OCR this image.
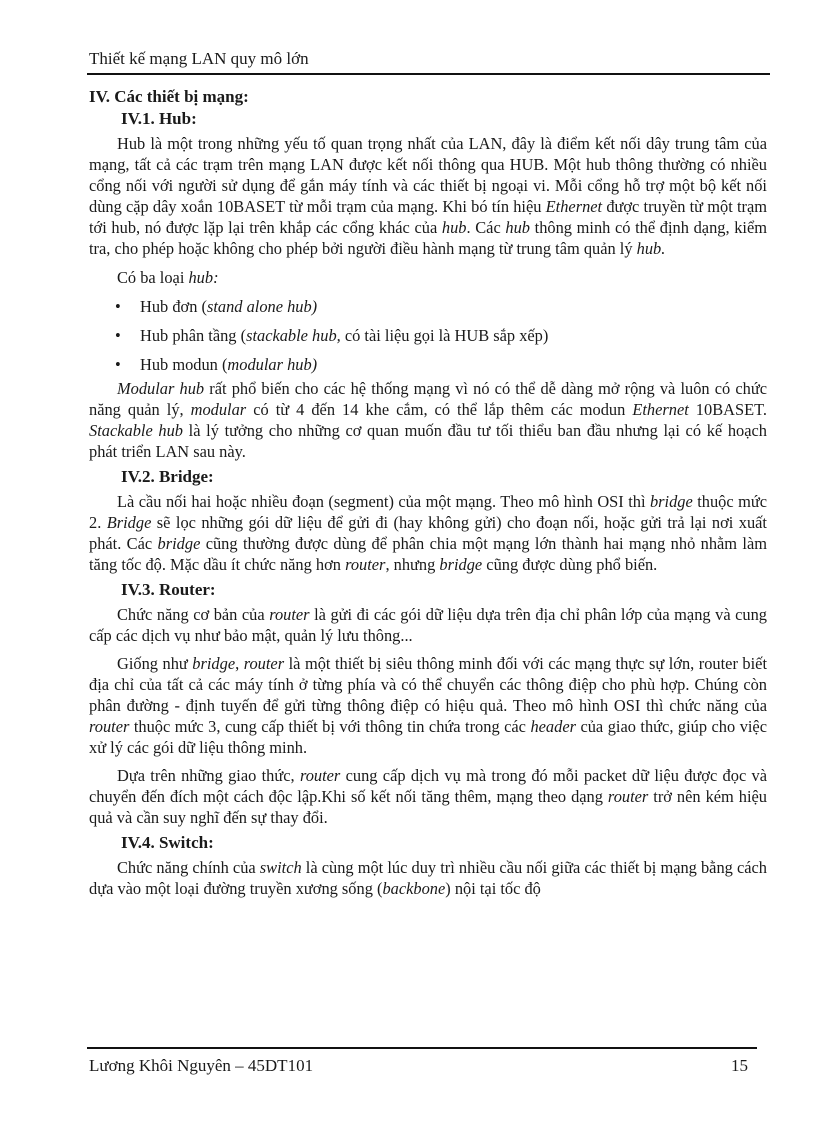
Thiết kế mạng LAN quy mô lớn
IV. Các thiết bị mạng:
IV.1. Hub:

Hub là một trong những yếu tố quan trọng nhất của LAN, đây là điểm kết nối dây trung tâm của mạng, tất cả các trạm trên mạng LAN được kết nối thông qua HUB. Một hub thông thường có nhiều cổng nối với người sử dụng để gắn máy tính và các thiết bị ngoại vi. Mỗi cổng hỗ trợ một bộ kết nối dùng cặp dây xoắn 10BASET từ mỗi trạm của mạng. Khi bó tín hiệu Ethernet được truyền từ một trạm tới hub, nó được lặp lại trên khắp các cổng khác của hub. Các hub thông minh có thể định dạng, kiểm tra, cho phép hoặc không cho phép bởi người điều hành mạng từ trung tâm quản lý hub.

Có ba loại hub:

• Hub đơn (stand alone hub)
• Hub phân tầng (stackable hub, có tài liệu gọi là HUB sắp xếp)
• Hub modun (modular hub)

Modular hub rất phổ biến cho các hệ thống mạng vì nó có thể dễ dàng mở rộng và luôn có chức năng quản lý, modular có từ 4 đến 14 khe cắm, có thể lắp thêm các modun Ethernet 10BASET. Stackable hub là lý tưởng cho những cơ quan muốn đầu tư tối thiểu ban đầu nhưng lại có kế hoạch phát triển LAN sau này.

IV.2. Bridge:

Là cầu nối hai hoặc nhiều đoạn (segment) của một mạng. Theo mô hình OSI thì bridge thuộc mức 2. Bridge sẽ lọc những gói dữ liệu để gửi đi (hay không gửi) cho đoạn nối, hoặc gửi trả lại nơi xuất phát. Các bridge cũng thường được dùng để phân chia một mạng lớn thành hai mạng nhỏ nhằm làm tăng tốc độ. Mặc dầu ít chức năng hơn router, nhưng bridge cũng được dùng phổ biến.

IV.3. Router:

Chức năng cơ bản của router là gửi đi các gói dữ liệu dựa trên địa chỉ phân lớp của mạng và cung cấp các dịch vụ như bảo mật, quản lý lưu thông...

Giống như bridge, router là một thiết bị siêu thông minh đối với các mạng thực sự lớn, router biết địa chỉ của tất cả các máy tính ở từng phía và có thể chuyển các thông điệp cho phù hợp. Chúng còn phân đường - định tuyến để gửi từng thông điệp có hiệu quả. Theo mô hình OSI thì chức năng của router thuộc mức 3, cung cấp thiết bị với thông tin chứa trong các header của giao thức, giúp cho việc xử lý các gói dữ liệu thông minh.

Dựa trên những giao thức, router cung cấp dịch vụ mà trong đó mỗi packet dữ liệu được đọc và chuyển đến đích một cách độc lập.Khi số kết nối tăng thêm, mạng theo dạng router trở nên kém hiệu quả và cần suy nghĩ đến sự thay đổi.

IV.4. Switch:

Chức năng chính của switch là cùng một lúc duy trì nhiều cầu nối giữa các thiết bị mạng bằng cách dựa vào một loại đường truyền xương sống (backbone) nội tại tốc độ

Lương Khôi Nguyên – 45DT101	15
